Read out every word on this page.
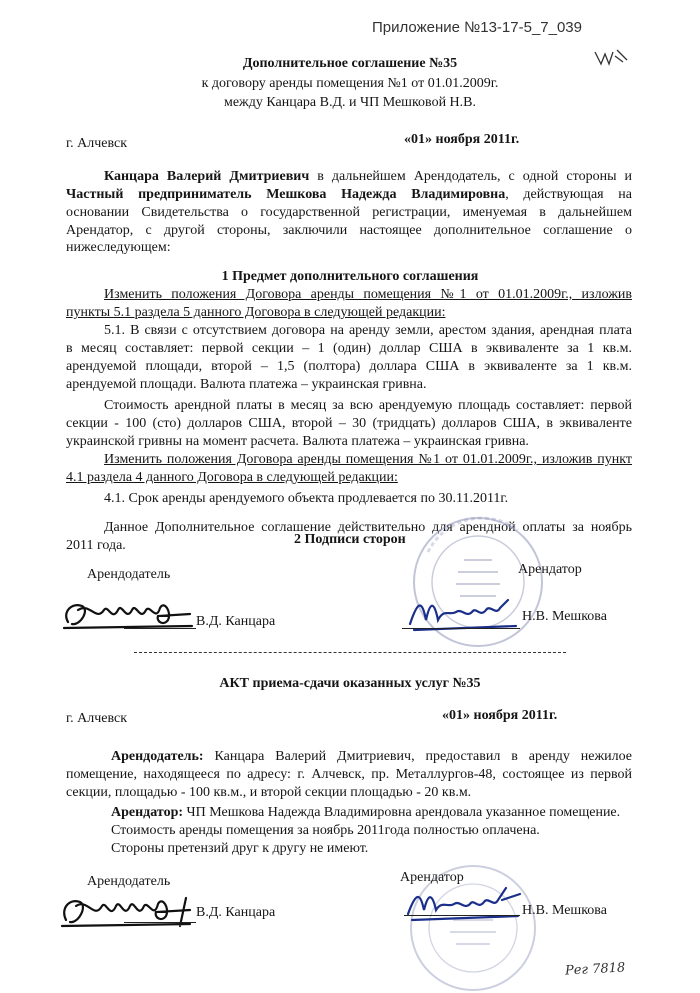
Приложение №13-17-5_7_039
Дополнительное соглашение №35
к договору аренды помещения №1 от 01.01.2009г.
между Канцара В.Д. и ЧП Мешковой Н.В.
г. Алчевск	«01» ноября 2011г.
Канцара Валерий Дмитриевич в дальнейшем Арендодатель, с одной стороны и
Частный предприниматель Мешкова Надежда Владимировна, действующая на
основании Свидетельства о государственной регистрации, именуемая в дальнейшем
Арендатор, с другой стороны, заключили настоящее дополнительное соглашение о
нижеследующем:
1 Предмет дополнительного соглашения
Изменить положения Договора аренды помещения №1 от 01.01.2009г., изложив
пункты 5.1 раздела 5 данного Договора в следующей редакции:
5.1. В связи с отсутствием договора на аренду земли, арестом здания, арендная плата
в месяц составляет: первой секции – 1 (один) доллар США в эквиваленте за 1 кв.м.
арендуемой площади, второй – 1,5 (полтора) доллара США в эквиваленте за 1 кв.м.
арендуемой площади. Валюта платежа – украинская гривна.
Стоимость арендной платы в месяц за всю арендуемую площадь составляет: первой
секции - 100 (сто) долларов США, второй – 30 (тридцать) долларов США, в эквиваленте
украинской гривны на момент расчета. Валюта платежа – украинская гривна.
Изменить положения Договора аренды помещения №1 от 01.01.2009г., изложив пункт
4.1 раздела 4 данного Договора в следующей редакции:
4.1. Срок аренды арендуемого объекта продлевается по 30.11.2011г.
Данное Дополнительное соглашение действительно для арендной оплаты за ноябрь
2011 года.	2 Подписи сторон
Арендодатель	Арендатор
В.Д. Канцара	Н.В. Мешкова
АКТ приема-сдачи оказанных услуг №35
г. Алчевск	«01» ноября 2011г.
Арендодатель: Канцара Валерий Дмитриевич, предоставил в аренду нежилое
помещение, находящееся по адресу: г. Алчевск, пр. Металлургов-48, состоящее из первой
секции, площадью - 100 кв.м., и второй секции площадью - 20 кв.м.
Арендатор: ЧП Мешкова Надежда Владимировна арендовала указанное помещение.
Стоимость аренды помещения за ноябрь 2011года полностью оплачена.
Стороны претензий друг к другу не имеют.
Арендодатель	Арендатор
В.Д. Канцара	Н.В. Мешкова
Рег 7818
